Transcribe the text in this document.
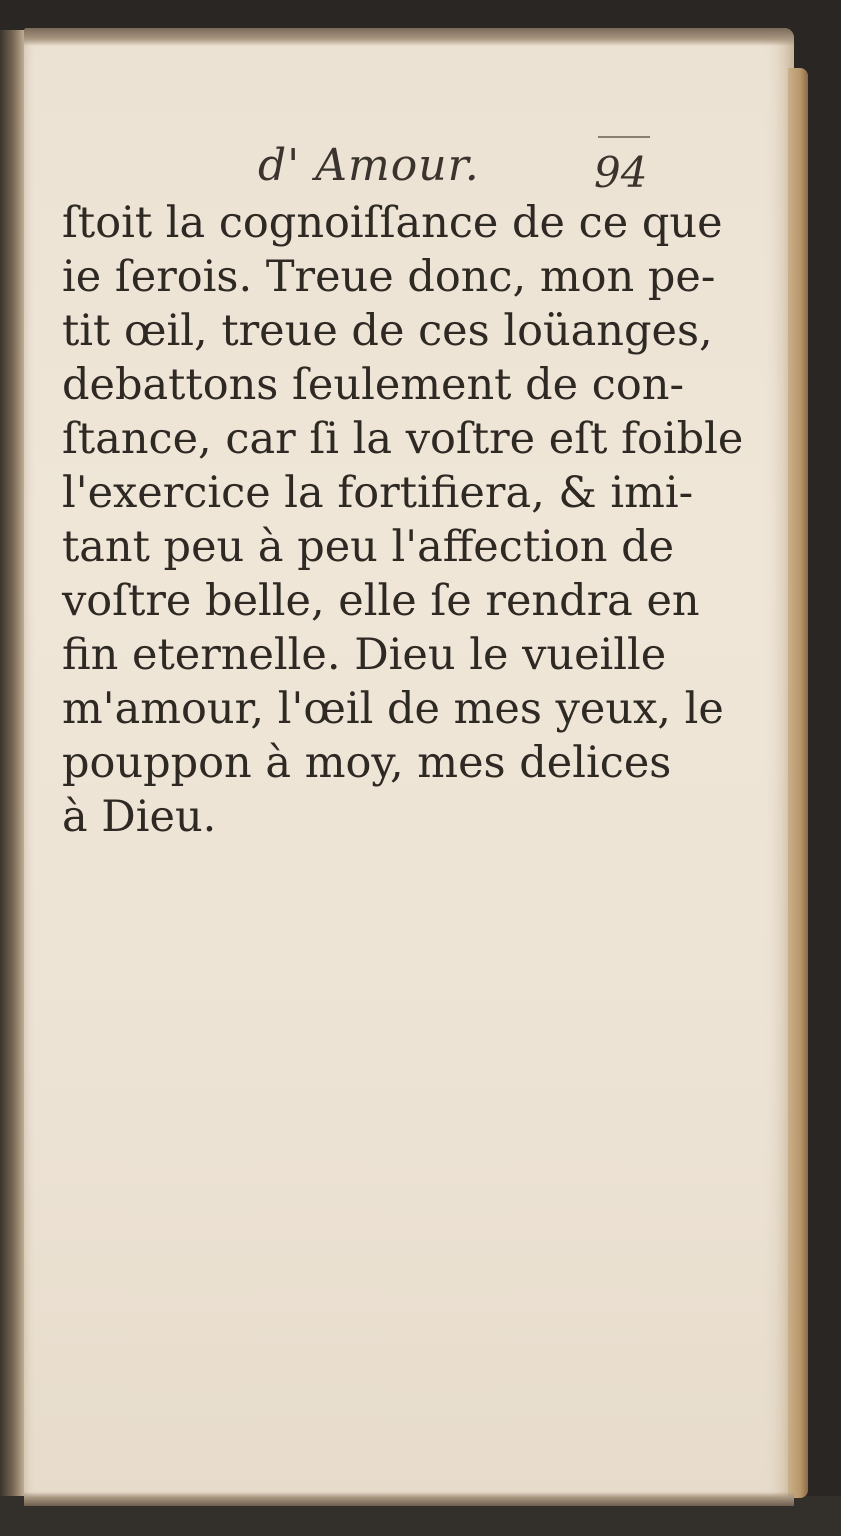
d' Amour.	94
ſtoit la cognoiſſance de ce que
ie ſerois. Treue donc, mon pe-
tit œil, treue de ces loüanges,
debattons ſeulement de con-
ſtance, car ſi la voſtre eſt foible
l'exercice la fortifiera, & imi-
tant peu à peu l'affection de
voſtre belle, elle ſe rendra en
fin eternelle. Dieu le vueille
m'amour, l'œil de mes yeux, le
pouppon à moy, mes delices
à Dieu.
